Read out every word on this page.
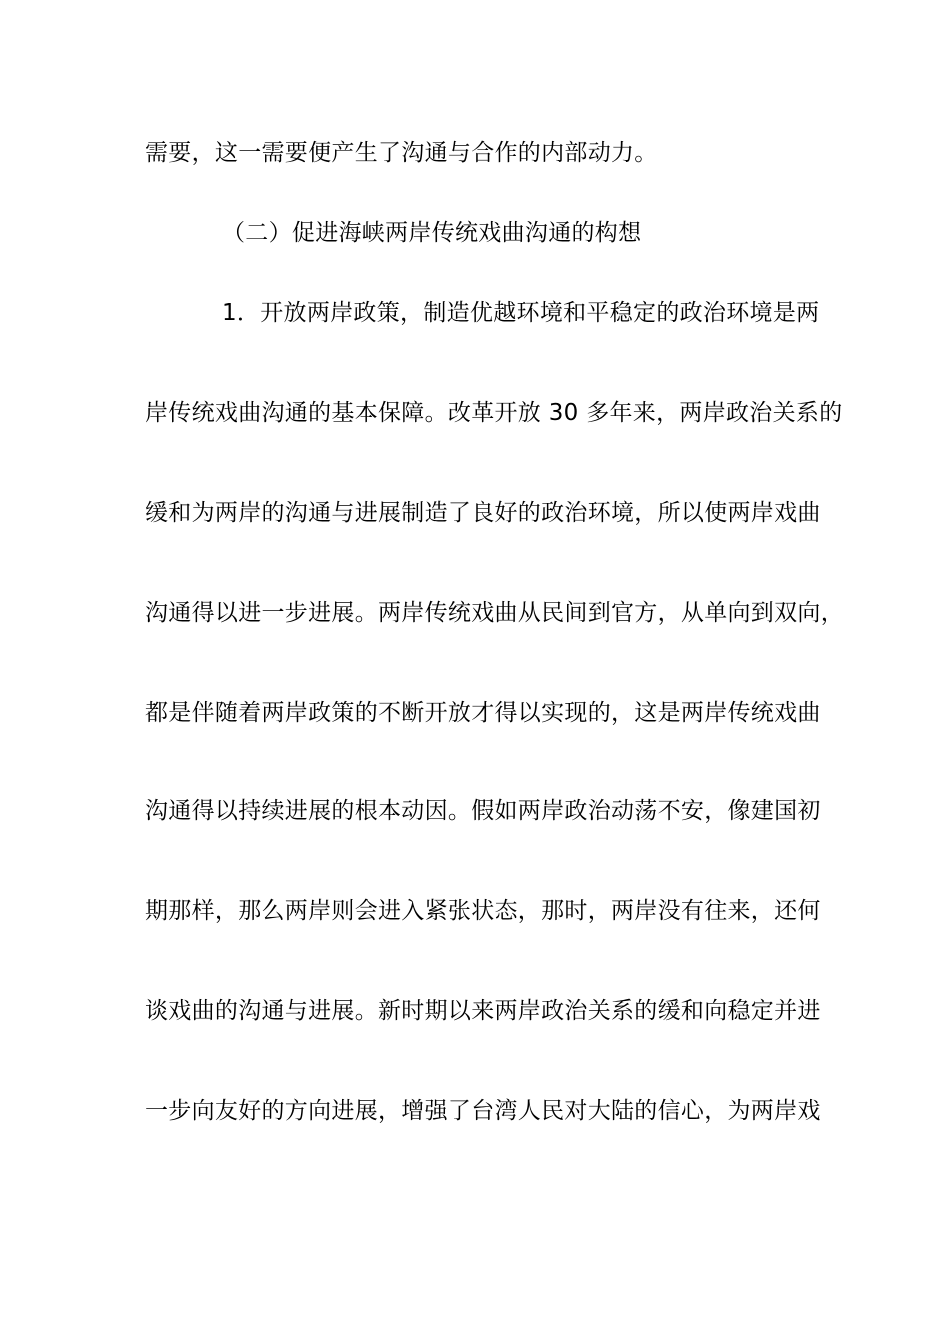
需要，这一需要便产生了沟通与合作的内部动力。
（二）促进海峡两岸传统戏曲沟通的构想
1．开放两岸政策，制造优越环境和平稳定的政治环境是两
岸传统戏曲沟通的基本保障。改革开放 30 多年来，两岸政治关系的
缓和为两岸的沟通与进展制造了良好的政治环境，所以使两岸戏曲
沟通得以进一步进展。两岸传统戏曲从民间到官方，从单向到双向，
都是伴随着两岸政策的不断开放才得以实现的，这是两岸传统戏曲
沟通得以持续进展的根本动因。假如两岸政治动荡不安，像建国初
期那样，那么两岸则会进入紧张状态，那时，两岸没有往来，还何
谈戏曲的沟通与进展。新时期以来两岸政治关系的缓和向稳定并进
一步向友好的方向进展，增强了台湾人民对大陆的信心，为两岸戏
